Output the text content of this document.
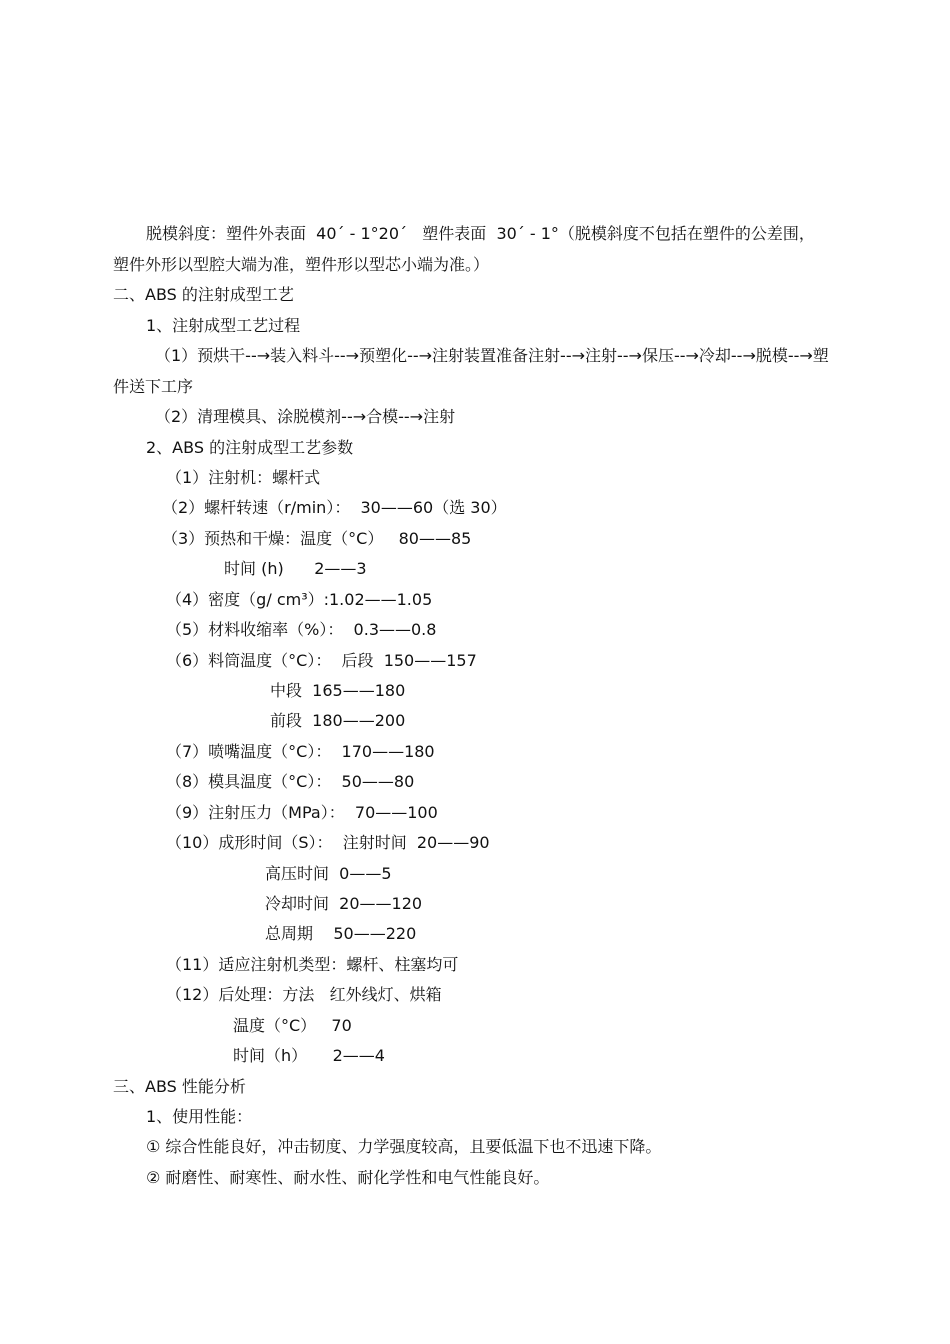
脱模斜度：塑件外表面  40´ - 1°20´   塑件表面  30´ - 1°（脱模斜度不包括在塑件的公差围，
塑件外形以型腔大端为准，塑件形以型芯小端为准。）
二、ABS 的注射成型工艺
1、注射成型工艺过程
（1）预烘干--→装入料斗--→预塑化--→注射装置准备注射--→注射--→保压--→冷却--→脱模--→塑
件送下工序
（2）清理模具、涂脱模剂--→合模--→注射
2、ABS 的注射成型工艺参数
（1）注射机：螺杆式
（2）螺杆转速（r/min）：  30——60（选 30）
（3）预热和干燥：温度（°C）   80——85
时间 (h)      2——3
（4）密度（g/ cm³）:1.02——1.05
（5）材料收缩率（%）：  0.3——0.8
（6）料筒温度（°C）：  后段  150——157
中段  165——180
前段  180——200
（7）喷嘴温度（°C）：  170——180
（8）模具温度（°C）：  50——80
（9）注射压力（MPa）：  70——100
（10）成形时间（S）：  注射时间  20——90
高压时间  0——5
冷却时间  20——120
总周期    50——220
（11）适应注射机类型：螺杆、柱塞均可
（12）后处理：方法   红外线灯、烘箱
温度（°C）   70
时间（h）     2——4
三、ABS 性能分析
1、使用性能：
① 综合性能良好，冲击韧度、力学强度较高，且要低温下也不迅速下降。
② 耐磨性、耐寒性、耐水性、耐化学性和电气性能良好。
